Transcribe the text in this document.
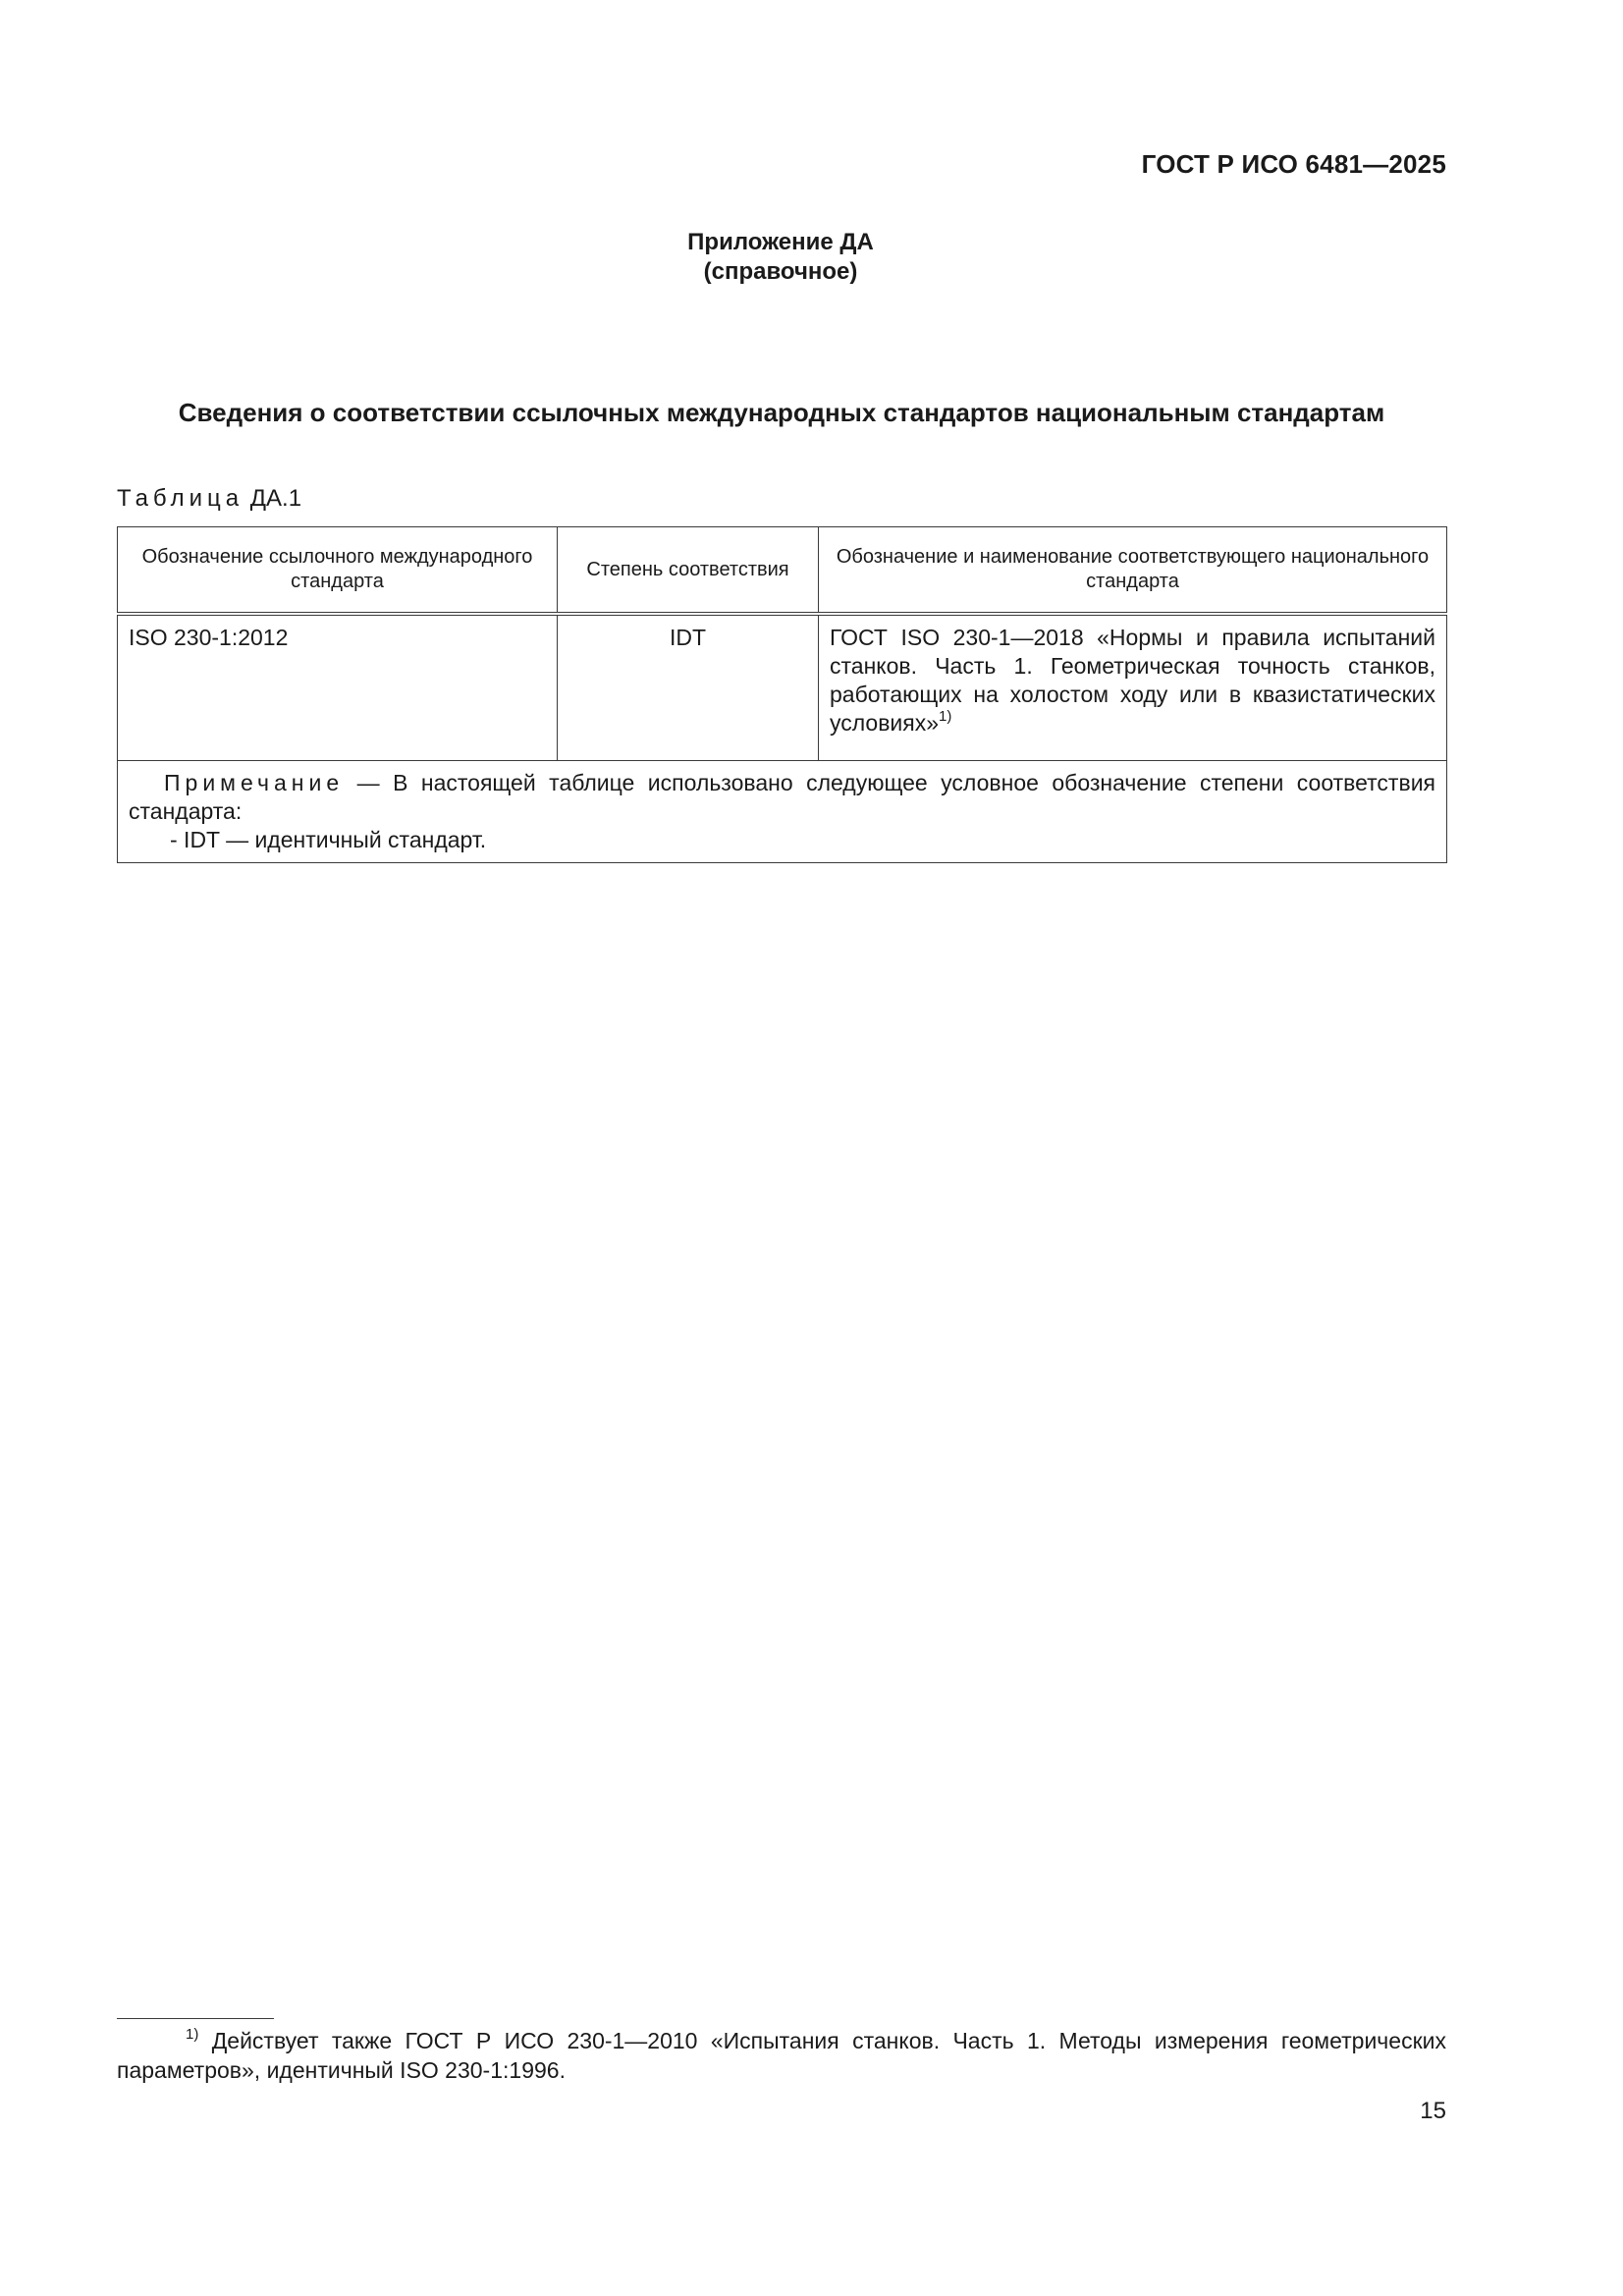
ГОСТ Р ИСО 6481—2025
Приложение ДА
(справочное)
Сведения о соответствии ссылочных международных стандартов национальным стандартам
Таблица ДА.1
Обозначение ссылочного международного стандарта	Степень соответствия	Обозначение и наименование соответствующего национального стандарта
ISO 230-1:2012	IDT	ГОСТ ISO 230-1—2018 «Нормы и правила испытаний станков. Часть 1. Геометрическая точность станков, работающих на холостом ходу или в квазистатических условиях»$^{1)}$
Примечание — В настоящей таблице использовано следующее условное обозначение степени соответствия стандарта:
- IDT — идентичный стандарт.		
$^{1)}$ Действует также ГОСТ Р ИСО 230-1—2010 «Испытания станков. Часть 1. Методы измерения геометрических параметров», идентичный ISO 230-1:1996.
15
